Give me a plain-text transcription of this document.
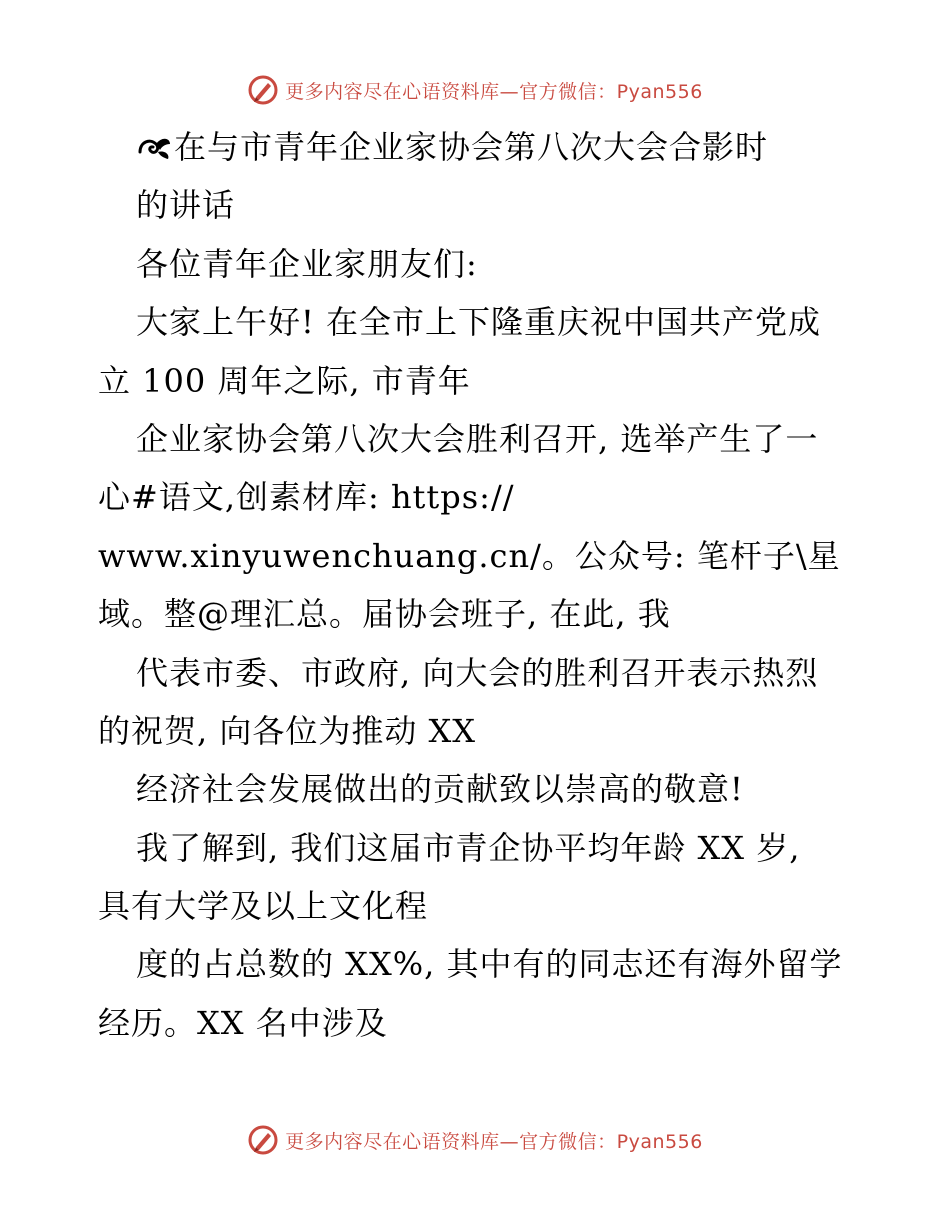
更多内容尽在心语资料库—官方微信：Pyan556
在与市青年企业家协会第八次大会合影时
的讲话
各位青年企业家朋友们:
大家上午好! 在全市上下隆重庆祝中国共产党成
立 100 周年之际, 市青年
企业家协会第八次大会胜利召开, 选举产生了一
心#语文,创素材库: https://
www.xinyuwenchuang.cn/。公众号: 笔杆子\星
域。整@理汇总。届协会班子, 在此, 我
代表市委、市政府, 向大会的胜利召开表示热烈
的祝贺, 向各位为推动 XX
经济社会发展做出的贡献致以崇高的敬意!
我了解到, 我们这届市青企协平均年龄 XX 岁,
具有大学及以上文化程
度的占总数的 XX%, 其中有的同志还有海外留学
经历。XX 名中涉及
更多内容尽在心语资料库—官方微信：Pyan556
